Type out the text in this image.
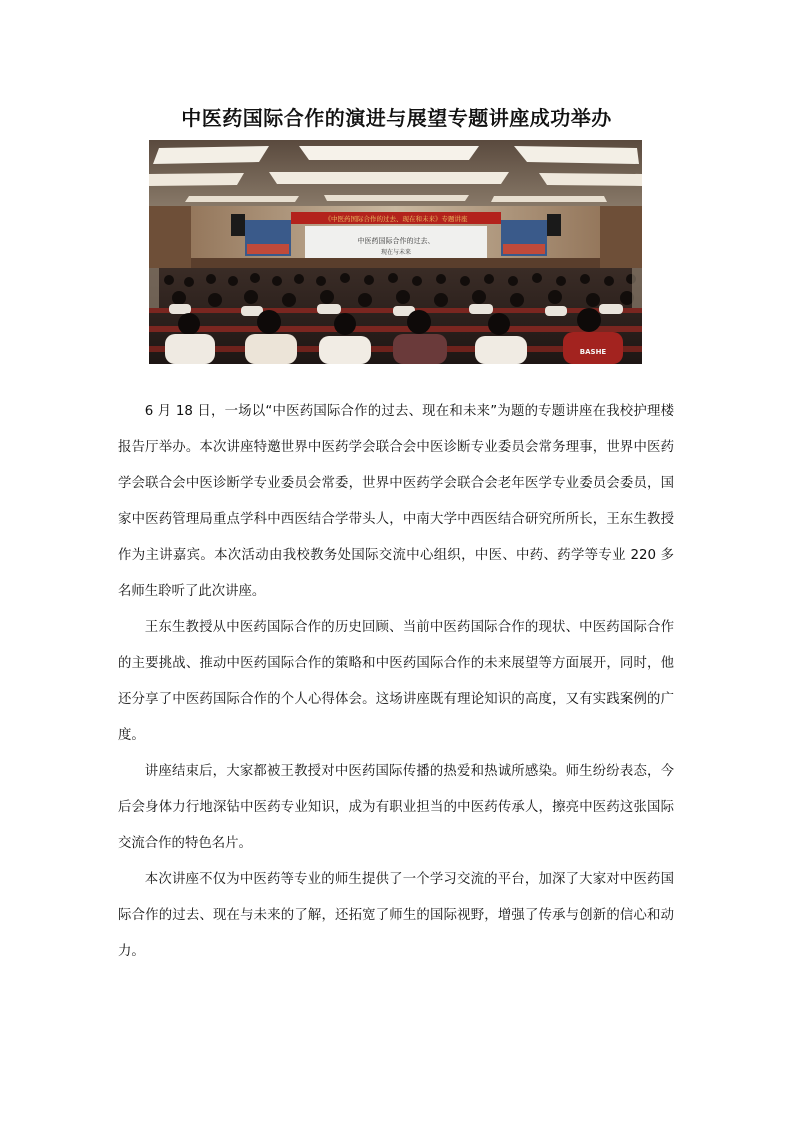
中医药国际合作的演进与展望专题讲座成功举办
《中医药国际合作的过去、现在和未来》专题讲座
中医药国际合作的过去、
现在与未来
BASHE

6 月 18 日，一场以“中医药国际合作的过去、现在和未来”为题的专题讲座在我校护理楼报告厅举办。本次讲座特邀世界中医药学会联合会中医诊断专业委员会常务理事，世界中医药学会联合会中医诊断学专业委员会常委，世界中医药学会联合会老年医学专业委员会委员，国家中医药管理局重点学科中西医结合学带头人，中南大学中西医结合研究所所长，王东生教授作为主讲嘉宾。本次活动由我校教务处国际交流中心组织，中医、中药、药学等专业 220 多名师生聆听了此次讲座。

王东生教授从中医药国际合作的历史回顾、当前中医药国际合作的现状、中医药国际合作的主要挑战、推动中医药国际合作的策略和中医药国际合作的未来展望等方面展开，同时，他还分享了中医药国际合作的个人心得体会。这场讲座既有理论知识的高度，又有实践案例的广度。

讲座结束后，大家都被王教授对中医药国际传播的热爱和热诚所感染。师生纷纷表态，今后会身体力行地深钻中医药专业知识，成为有职业担当的中医药传承人，擦亮中医药这张国际交流合作的特色名片。

本次讲座不仅为中医药等专业的师生提供了一个学习交流的平台，加深了大家对中医药国际合作的过去、现在与未来的了解，还拓宽了师生的国际视野，增强了传承与创新的信心和动力。
